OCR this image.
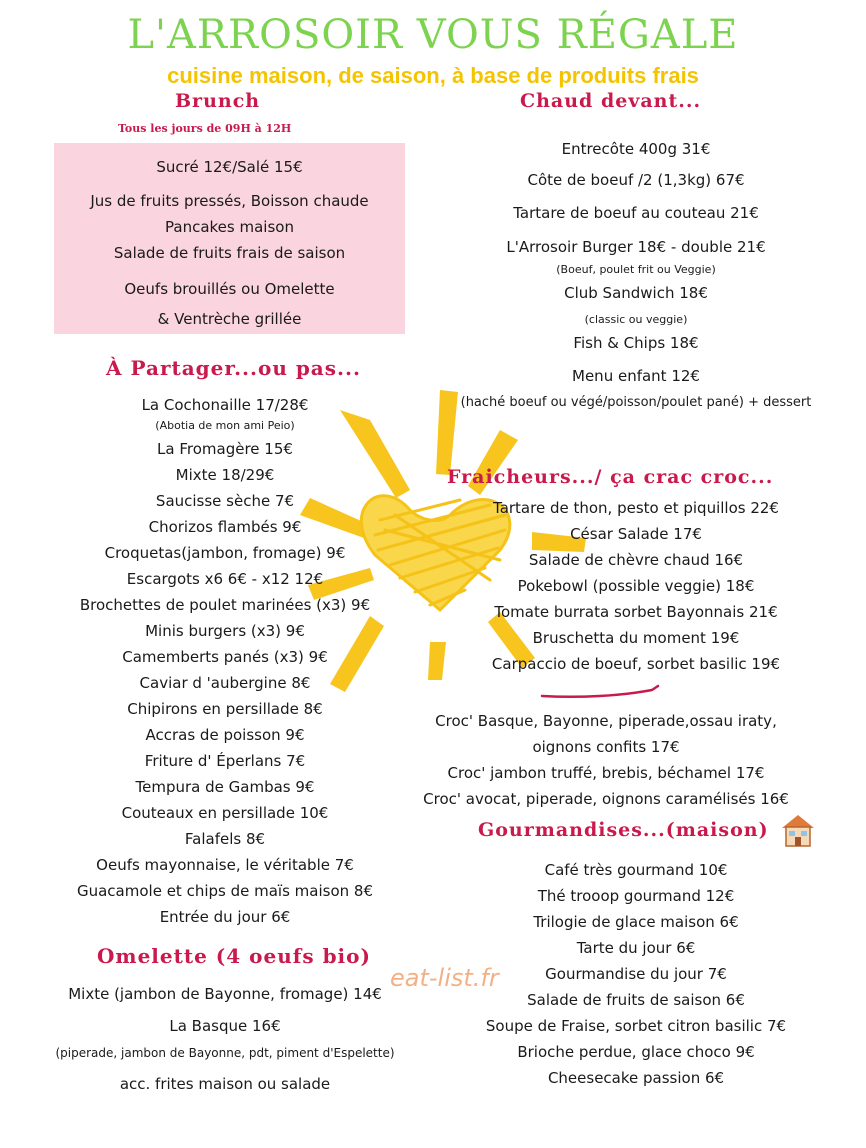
L'ARROSOIR VOUS RÉGALE
cuisine maison, de saison, à base de produits frais
Brunch
Tous les jours de 09H à 12H
Sucré 12€/Salé 15€
Jus de fruits pressés, Boisson chaude
Pancakes maison
Salade de fruits frais de saison
Oeufs brouillés ou Omelette
& Ventrèche grillée
À Partager...ou pas...
La Cochonaille 17/28€
(Abotia de mon ami Peio)
La Fromagère 15€
Mixte 18/29€
Saucisse sèche 7€
Chorizos flambés 9€
Croquetas(jambon, fromage) 9€
Escargots x6 6€ - x12 12€
Brochettes de poulet marinées (x3) 9€
Minis burgers (x3) 9€
Camemberts panés (x3) 9€
Caviar d 'aubergine 8€
Chipirons en persillade 8€
Accras de poisson 9€
Friture d' Éperlans 7€
Tempura de Gambas 9€
Couteaux en persillade 10€
Falafels 8€
Oeufs mayonnaise, le véritable 7€
Guacamole et chips de maïs maison 8€
Entrée du jour 6€
Omelette (4 oeufs bio)
Mixte (jambon de Bayonne, fromage) 14€
La Basque 16€
(piperade, jambon de Bayonne, pdt, piment d'Espelette)
acc. frites maison ou salade
Chaud devant...
Entrecôte 400g 31€
Côte de boeuf /2 (1,3kg) 67€
Tartare de boeuf au couteau 21€
L'Arrosoir Burger 18€ - double 21€
(Boeuf, poulet frit ou Veggie)
Club Sandwich 18€
(classic ou veggie)
Fish & Chips 18€
Menu enfant 12€
(haché boeuf ou végé/poisson/poulet pané) + dessert
Fraicheurs.../ ça crac croc...
Tartare de thon, pesto et piquillos 22€
César Salade 17€
Salade de chèvre chaud 16€
Pokebowl (possible veggie) 18€
Tomate burrata sorbet Bayonnais 21€
Bruschetta du moment 19€
Carpaccio de boeuf, sorbet basilic 19€
Croc' Basque, Bayonne, piperade,ossau iraty,
oignons confits 17€
Croc' jambon truffé, brebis, béchamel 17€
Croc' avocat, piperade, oignons caramélisés 16€
Gourmandises...(maison)
Café très gourmand 10€
Thé trooop gourmand 12€
Trilogie de glace maison 6€
Tarte du jour 6€
Gourmandise du jour 7€
Salade de fruits de saison 6€
Soupe de Fraise, sorbet citron basilic 7€
Brioche perdue, glace choco 9€
Cheesecake passion 6€
eat-list.fr
